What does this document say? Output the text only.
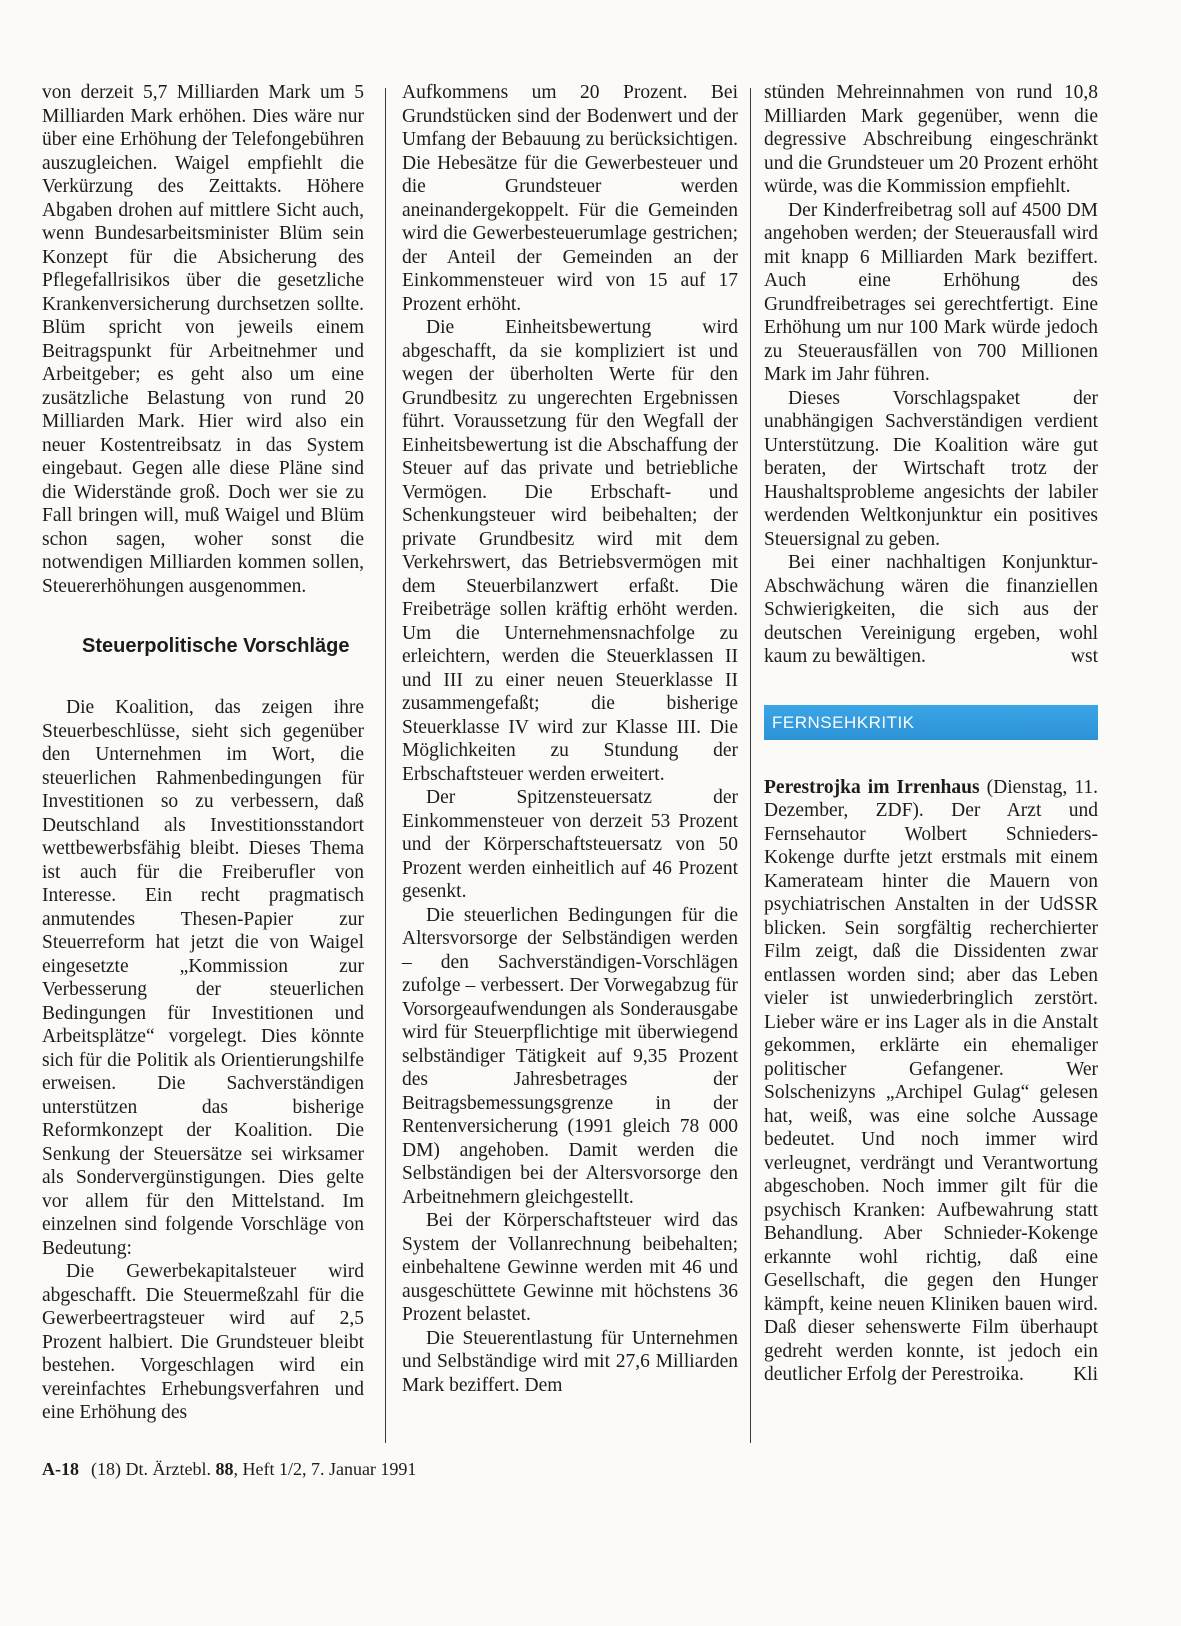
von derzeit 5,7 Milliarden Mark um 5 Milliarden Mark erhöhen. Dies wäre nur über eine Erhöhung der Telefongebühren auszugleichen. Waigel empfiehlt die Verkürzung des Zeittakts. Höhere Abgaben drohen auf mittlere Sicht auch, wenn Bundesarbeitsminister Blüm sein Konzept für die Absicherung des Pflegefallrisikos über die gesetzliche Krankenversicherung durchsetzen sollte. Blüm spricht von jeweils einem Beitragspunkt für Arbeitnehmer und Arbeitgeber; es geht also um eine zusätzliche Belastung von rund 20 Milliarden Mark. Hier wird also ein neuer Kostentreibsatz in das System eingebaut. Gegen alle diese Pläne sind die Widerstände groß. Doch wer sie zu Fall bringen will, muß Waigel und Blüm schon sagen, woher sonst die notwendigen Milliarden kommen sollen, Steuererhöhungen ausgenommen.

Steuerpolitische Vorschläge

Die Koalition, das zeigen ihre Steuerbeschlüsse, sieht sich gegenüber den Unternehmen im Wort, die steuerlichen Rahmenbedingungen für Investitionen so zu verbessern, daß Deutschland als Investitionsstandort wettbewerbsfähig bleibt. Dieses Thema ist auch für die Freiberufler von Interesse. Ein recht pragmatisch anmutendes Thesen-Papier zur Steuerreform hat jetzt die von Waigel eingesetzte „Kommission zur Verbesserung der steuerlichen Bedingungen für Investitionen und Arbeitsplätze“ vorgelegt. Dies könnte sich für die Politik als Orientierungshilfe erweisen. Die Sachverständigen unterstützen das bisherige Reformkonzept der Koalition. Die Senkung der Steuersätze sei wirksamer als Sondervergünstigungen. Dies gelte vor allem für den Mittelstand. Im einzelnen sind folgende Vorschläge von Bedeutung:

Die Gewerbekapitalsteuer wird abgeschafft. Die Steuermeßzahl für die Gewerbeertragsteuer wird auf 2,5 Prozent halbiert. Die Grundsteuer bleibt bestehen. Vorgeschlagen wird ein vereinfachtes Erhebungsverfahren und eine Erhöhung des

Aufkommens um 20 Prozent. Bei Grundstücken sind der Bodenwert und der Umfang der Bebauung zu berücksichtigen. Die Hebesätze für die Gewerbesteuer und die Grundsteuer werden aneinandergekoppelt. Für die Gemeinden wird die Gewerbesteuerumlage gestrichen; der Anteil der Gemeinden an der Einkommensteuer wird von 15 auf 17 Prozent erhöht.

Die Einheitsbewertung wird abgeschafft, da sie kompliziert ist und wegen der überholten Werte für den Grundbesitz zu ungerechten Ergebnissen führt. Voraussetzung für den Wegfall der Einheitsbewertung ist die Abschaffung der Steuer auf das private und betriebliche Vermögen. Die Erbschaft- und Schenkungsteuer wird beibehalten; der private Grundbesitz wird mit dem Verkehrswert, das Betriebsvermögen mit dem Steuerbilanzwert erfaßt. Die Freibeträge sollen kräftig erhöht werden. Um die Unternehmensnachfolge zu erleichtern, werden die Steuerklassen II und III zu einer neuen Steuerklasse II zusammengefaßt; die bisherige Steuerklasse IV wird zur Klasse III. Die Möglichkeiten zu Stundung der Erbschaftsteuer werden erweitert.

Der Spitzensteuersatz der Einkommensteuer von derzeit 53 Prozent und der Körperschaftsteuersatz von 50 Prozent werden einheitlich auf 46 Prozent gesenkt.

Die steuerlichen Bedingungen für die Altersvorsorge der Selbständigen werden – den Sachverständigen-Vorschlägen zufolge – verbessert. Der Vorwegabzug für Vorsorgeaufwendungen als Sonderausgabe wird für Steuerpflichtige mit überwiegend selbständiger Tätigkeit auf 9,35 Prozent des Jahresbetrages der Beitragsbemessungsgrenze in der Rentenversicherung (1991 gleich 78 000 DM) angehoben. Damit werden die Selbständigen bei der Altersvorsorge den Arbeitnehmern gleichgestellt.

Bei der Körperschaftsteuer wird das System der Vollanrechnung beibehalten; einbehaltene Gewinne werden mit 46 und ausgeschüttete Gewinne mit höchstens 36 Prozent belastet.

Die Steuerentlastung für Unternehmen und Selbständige wird mit 27,6 Milliarden Mark beziffert. Dem

stünden Mehreinnahmen von rund 10,8 Milliarden Mark gegenüber, wenn die degressive Abschreibung eingeschränkt und die Grundsteuer um 20 Prozent erhöht würde, was die Kommission empfiehlt.

Der Kinderfreibetrag soll auf 4500 DM angehoben werden; der Steuerausfall wird mit knapp 6 Milliarden Mark beziffert. Auch eine Erhöhung des Grundfreibetrages sei gerechtfertigt. Eine Erhöhung um nur 100 Mark würde jedoch zu Steuerausfällen von 700 Millionen Mark im Jahr führen.

Dieses Vorschlagspaket der unabhängigen Sachverständigen verdient Unterstützung. Die Koalition wäre gut beraten, der Wirtschaft trotz der Haushaltsprobleme angesichts der labiler werdenden Weltkonjunktur ein positives Steuersignal zu geben.

Bei einer nachhaltigen Konjunktur-Abschwächung wären die finanziellen Schwierigkeiten, die sich aus der deutschen Vereinigung ergeben, wohl kaum zu bewältigen.	wst

FERNSEHKRITIK

Perestrojka im Irrenhaus (Dienstag, 11. Dezember, ZDF). Der Arzt und Fernsehautor Wolbert Schnieders-Kokenge durfte jetzt erstmals mit einem Kamerateam hinter die Mauern von psychiatrischen Anstalten in der UdSSR blicken. Sein sorgfältig recherchierter Film zeigt, daß die Dissidenten zwar entlassen worden sind; aber das Leben vieler ist unwiederbringlich zerstört. Lieber wäre er ins Lager als in die Anstalt gekommen, erklärte ein ehemaliger politischer Gefangener. Wer Solschenizyns „Archipel Gulag“ gelesen hat, weiß, was eine solche Aussage bedeutet. Und noch immer wird verleugnet, verdrängt und Verantwortung abgeschoben. Noch immer gilt für die psychisch Kranken: Aufbewahrung statt Behandlung. Aber Schnieder-Kokenge erkannte wohl richtig, daß eine Gesellschaft, die gegen den Hunger kämpft, keine neuen Kliniken bauen wird. Daß dieser sehenswerte Film überhaupt gedreht werden konnte, ist jedoch ein deutlicher Erfolg der Perestroika.	Kli

A-18 (18) Dt. Ärztebl. 88, Heft 1/2, 7. Januar 1991
